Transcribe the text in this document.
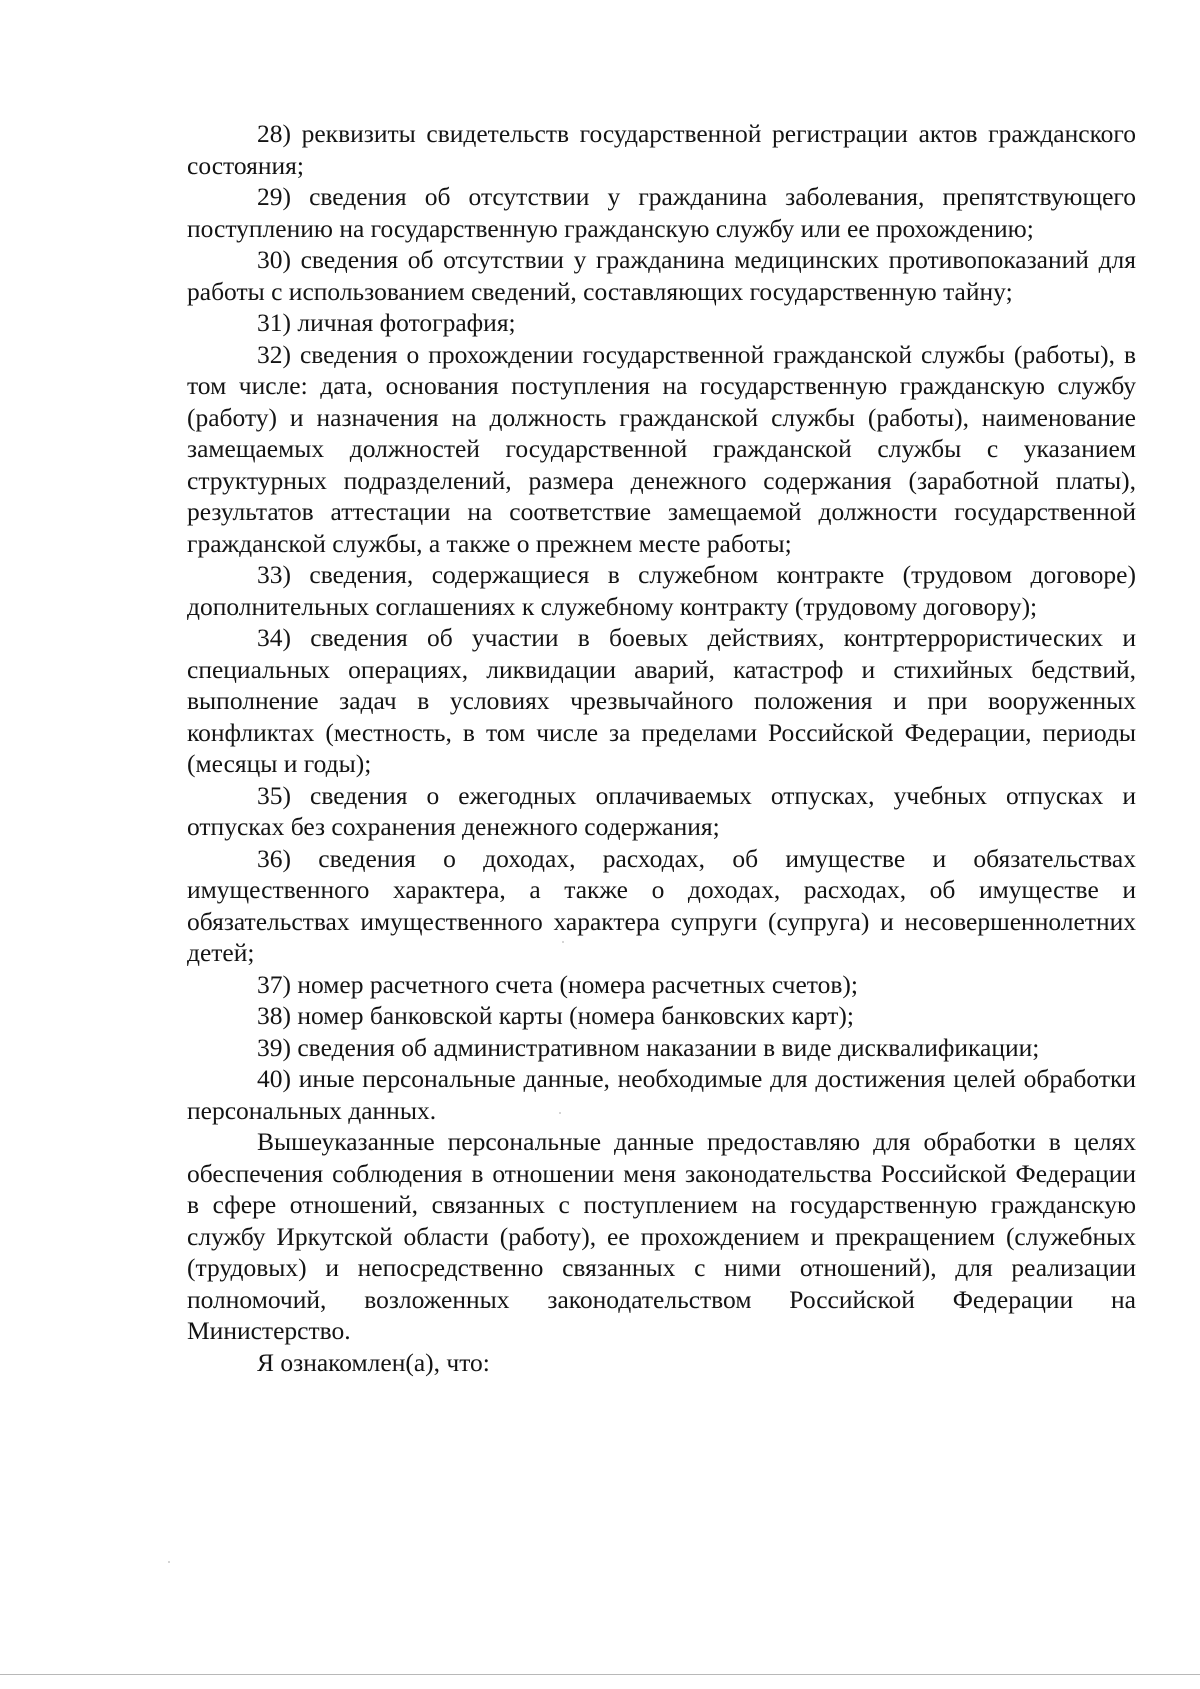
28) реквизиты свидетельств государственной регистрации актов гражданского состояния;

29) сведения об отсутствии у гражданина заболевания, препятствующего поступлению на государственную гражданскую службу или ее прохождению;

30) сведения об отсутствии у гражданина медицинских противопоказаний для работы с использованием сведений, составляющих государственную тайну;

31) личная фотография;

32) сведения о прохождении государственной гражданской службы (работы), в том числе: дата, основания поступления на государственную гражданскую службу (работу) и назначения на должность гражданской службы (работы), наименование замещаемых должностей государственной гражданской службы с указанием структурных подразделений, размера денежного содержания (заработной платы), результатов аттестации на соответствие замещаемой должности государственной гражданской службы, а также о прежнем месте работы;

33) сведения, содержащиеся в служебном контракте (трудовом договоре) дополнительных соглашениях к служебному контракту (трудовому договору);

34) сведения об участии в боевых действиях, контртеррористических и специальных операциях, ликвидации аварий, катастроф и стихийных бедствий, выполнение задач в условиях чрезвычайного положения и при вооруженных конфликтах (местность, в том числе за пределами Российской Федерации, периоды (месяцы и годы);

35) сведения о ежегодных оплачиваемых отпусках, учебных отпусках и отпусках без сохранения денежного содержания;

36) сведения о доходах, расходах, об имуществе и обязательствах имущественного характера, а также о доходах, расходах, об имуществе и обязательствах имущественного характера супруги (супруга) и несовершеннолетних детей;

37) номер расчетного счета (номера расчетных счетов);

38) номер банковской карты (номера банковских карт);

39) сведения об административном наказании в виде дисквалификации;

40) иные персональные данные, необходимые для достижения целей обработки персональных данных.

Вышеуказанные персональные данные предоставляю для обработки в целях обеспечения соблюдения в отношении меня законодательства Российской Федерации в сфере отношений, связанных с поступлением на государственную гражданскую службу Иркутской области (работу), ее прохождением и прекращением (служебных (трудовых) и непосредственно связанных с ними отношений), для реализации полномочий, возложенных законодательством Российской Федерации на Министерство.

Я ознакомлен(а), что:
